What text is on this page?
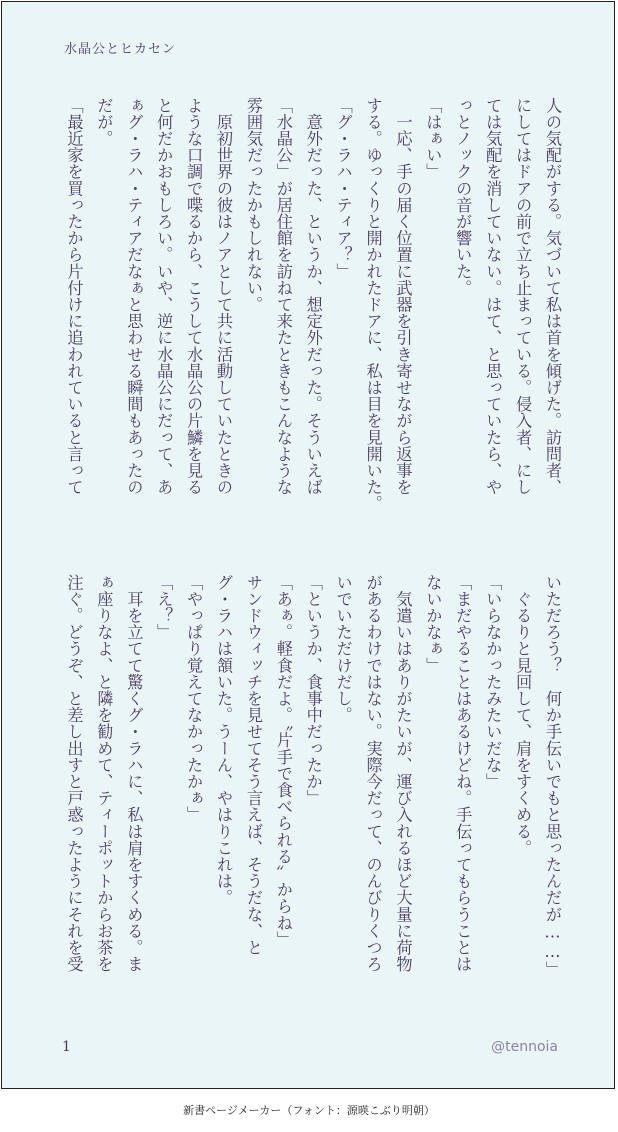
水晶公とヒカセン
人の気配がする。気づいて私は首を傾げた。訪問者、
にしてはドアの前で立ち止まっている。侵入者、にし
ては気配を消していない。はて、と思っていたら、や
っとノックの音が響いた。
「はぁい」
　一応、手の届く位置に武器を引き寄せながら返事を
する。ゆっくりと開かれたドアに、私は目を見開いた。
「グ・ラハ・ティア？」
　意外だった、というか、想定外だった。そういえば
「水晶公」が居住館を訪ねて来たときもこんなような
雰囲気だったかもしれない。
　原初世界の彼はノアとして共に活動していたときの
ような口調で喋るから、こうして水晶公の片鱗を見る
と何だかおもしろい。いや、逆に水晶公にだって、あ
ぁグ・ラハ・ティアだなぁと思わせる瞬間もあったの
だが。
「最近家を買ったから片付けに追われていると言って
いただろう？　何か手伝いでもと思ったんだが……」
　ぐるりと見回して、肩をすくめる。
「いらなかったみたいだな」
「まだやることはあるけどね。手伝ってもらうことは
ないかなぁ」
　気遣いはありがたいが、運び入れるほど大量に荷物
があるわけではない。実際今だって、のんびりくつろ
いでいただけだし。
「というか、食事中だったか」
「あぁ。軽食だよ。〝片手で食べられる〟からね」
サンドウィッチを見せてそう言えば、そうだな、と
グ・ラハは頷いた。うーん、やはりこれは。
「やっぱり覚えてなかったかぁ」
「え？」
　耳を立てて驚くグ・ラハに、私は肩をすくめる。ま
ぁ座りなよ、と隣を勧めて、ティーポットからお茶を
注ぐ。どうぞ、と差し出すと戸惑ったようにそれを受
1	@tennoia
新書ページメーカー（フォント：源暎こぶり明朝）
